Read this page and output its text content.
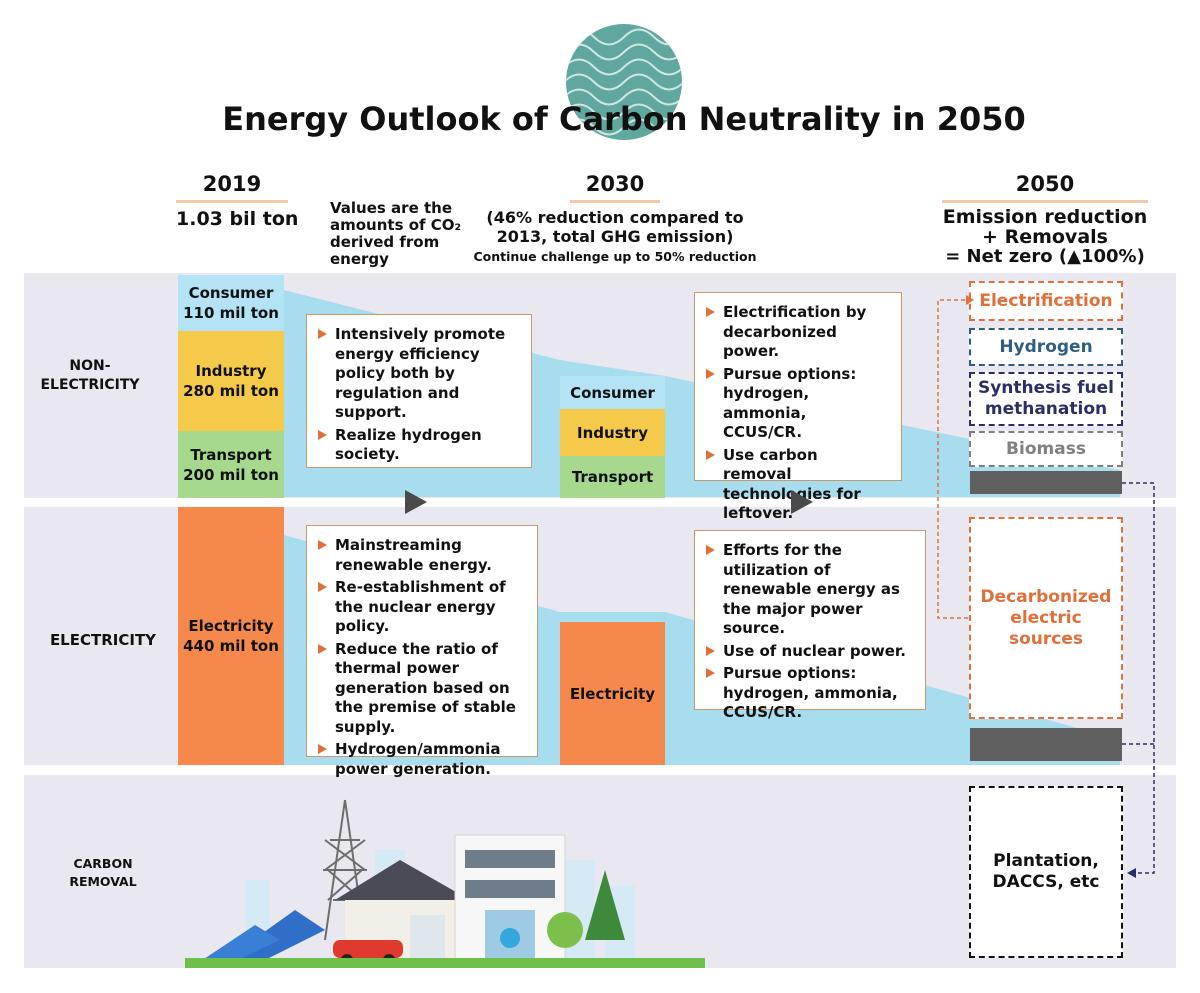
Energy Outlook of Carbon Neutrality in 2050
2019
1.03 bil ton Values are the
amounts of CO₂
derived from
energy
2030
(46% reduction compared to
2013, total GHG emission)
Continue challenge up to 50% reduction
2050
Emission reduction
+ Removals
= Net zero (▲100%)
NON-
ELECTRICITY
ELECTRICITY
CARBON
REMOVAL
Consumer
110 mil ton
Industry
280 mil ton
Transport
200 mil ton
Electricity
440 mil ton
Consumer
Industry
Transport
Electricity
Intensively promote energy efficiency policy both by regulation and support.
Realize hydrogen society.
Electrification by decarbonized power.
Pursue options: hydrogen, ammonia, CCUS/CR.
Use carbon removal technologies for leftover.
Mainstreaming renewable energy.
Re-establishment of the nuclear energy policy.
Reduce the ratio of thermal power generation based on the premise of stable supply.
Hydrogen/ammonia power generation.
Efforts for the utilization of renewable energy as the major power source.
Use of nuclear power.
Pursue options: hydrogen, ammonia, CCUS/CR.
Electrification
Hydrogen
Synthesis fuel
methanation
Biomass
Decarbonized
electric sources
Plantation,
DACCS, etc
